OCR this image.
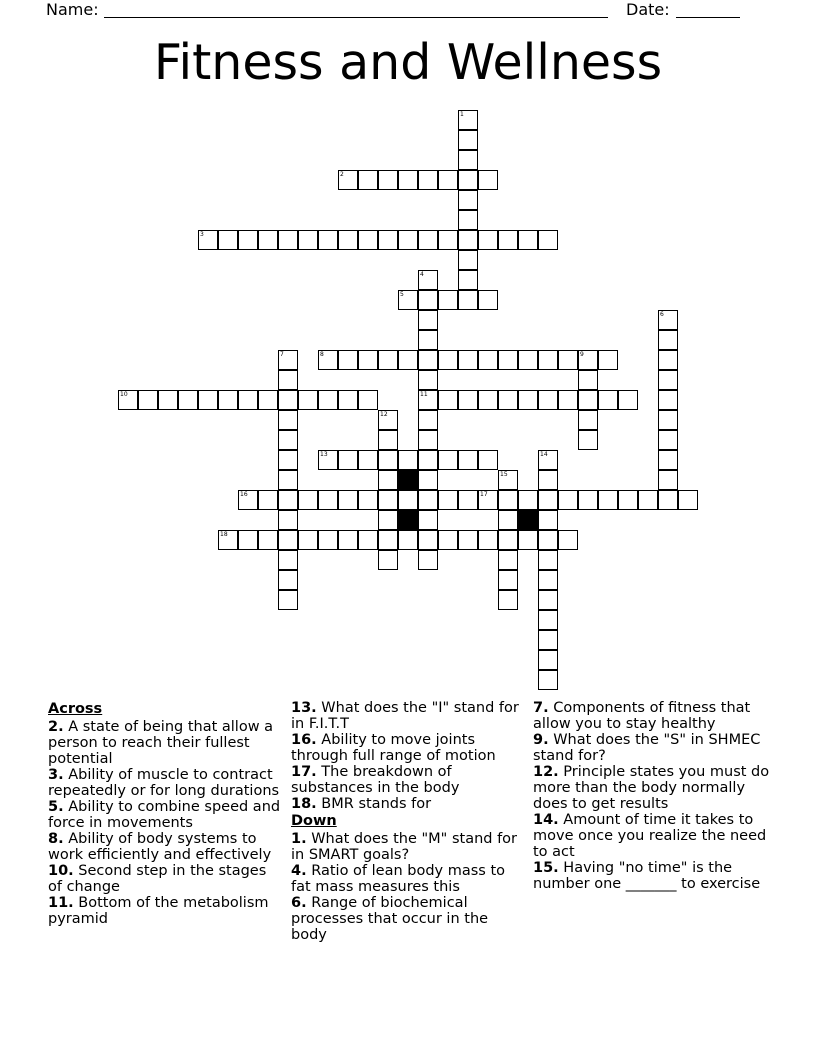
Name:	Date:
Fitness and Wellness
2
3
5
8	9
10	11
13
16	17
18
1
4
6
7
12
14
15
Across
2. A state of being that allow a person to reach their fullest potential
3. Ability of muscle to contract repeatedly or for long durations
5. Ability to combine speed and force in movements
8. Ability of body systems to work efficiently and effectively
10. Second step in the stages of change
11. Bottom of the metabolism pyramid
13. What does the "I" stand for in F.I.T.T
16. Ability to move joints through full range of motion
17. The breakdown of substances in the body
18. BMR stands for
Down
1. What does the "M" stand for in SMART goals?
4. Ratio of lean body mass to fat mass measures this
6. Range of biochemical processes that occur in the body
7. Components of fitness that allow you to stay healthy
9. What does the "S" in SHMEC stand for?
12. Principle states you must do more than the body normally does to get results
14. Amount of time it takes to move once you realize the need to act
15. Having "no time" is the number one _______ to exercise
